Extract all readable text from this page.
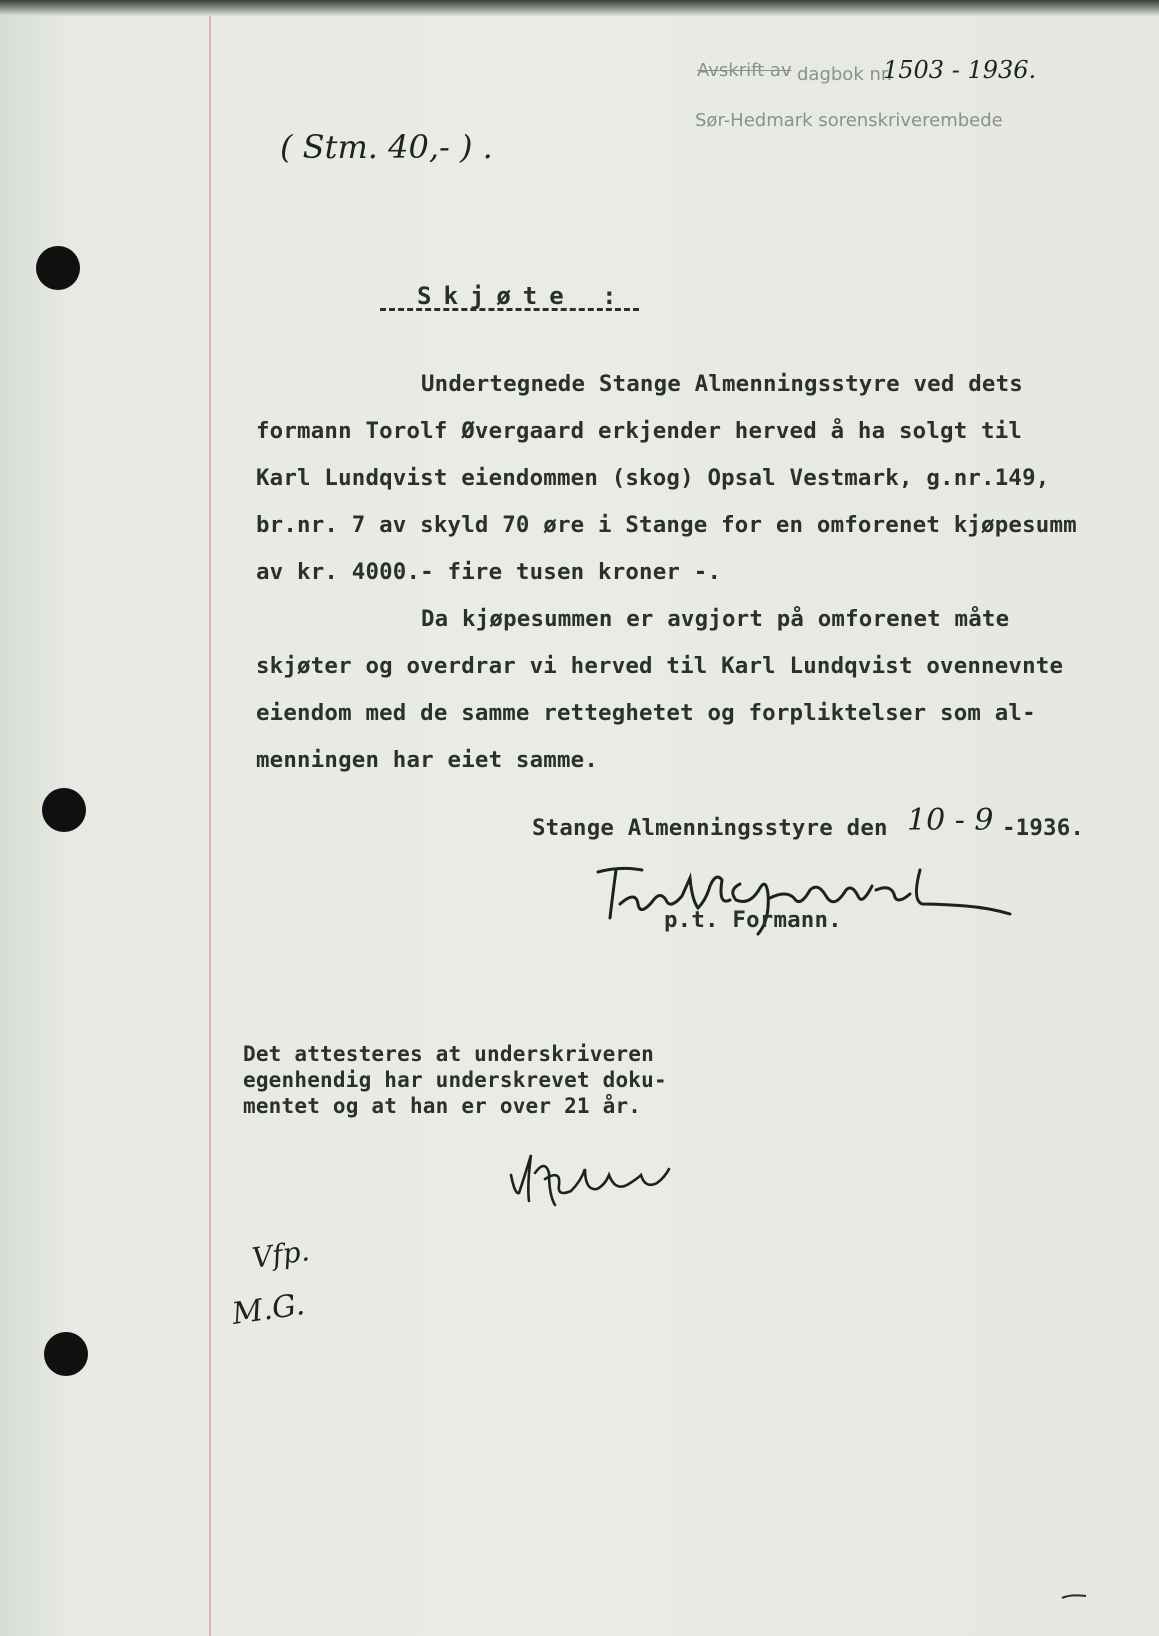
Avskrift av dagbok nr.
1503 - 1936.
Sør-Hedmark sorenskriverembede
( Stm. 40,- ) .
Skjøte :
Undertegnede Stange Almenningsstyre ved dets
formann Torolf Øvergaard erkjender herved å ha solgt til
Karl Lundqvist eiendommen (skog) Opsal Vestmark, g.nr.149,
br.nr. 7 av skyld 70 øre i Stange for en omforenet kjøpesumm
av kr. 4000.- fire tusen kroner -.
Da kjøpesummen er avgjort på omforenet måte
skjøter og overdrar vi herved til Karl Lundqvist ovennevnte
eiendom med de samme retteghetet og forpliktelser som al-
menningen har eiet samme.
Stange Almenningsstyre den 10 - 9 -1936.
p.t. Formann.
Det attesteres at underskriveren
egenhendig har underskrevet doku-
mentet og at han er over 21 år.
Vfp.
M.G.
